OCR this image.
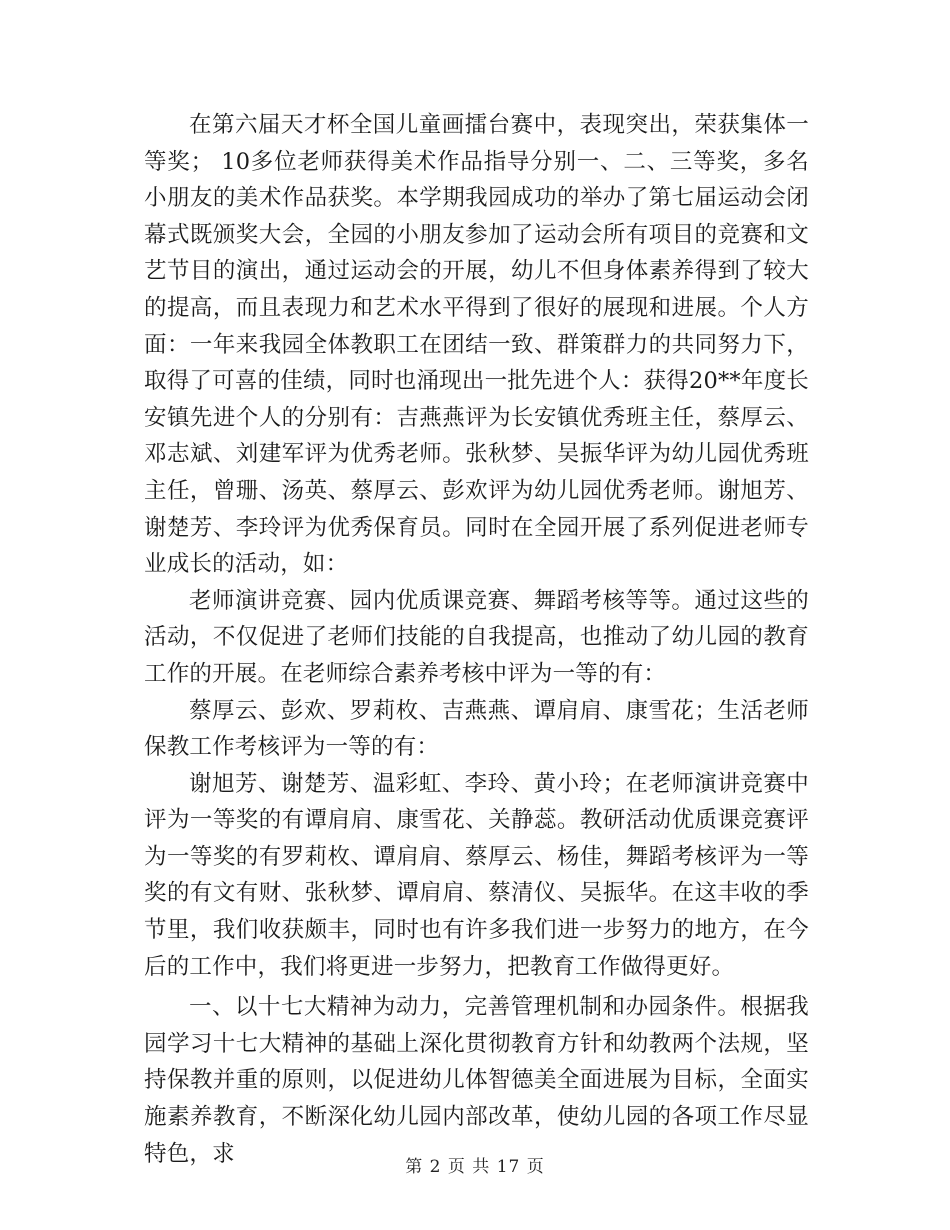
在第六届天才杯全国儿童画擂台赛中，表现突出，荣获集体一等奖； 10多位老师获得美术作品指导分别一、二、三等奖，多名小朋友的美术作品获奖。本学期我园成功的举办了第七届运动会闭幕式既颁奖大会，全园的小朋友参加了运动会所有项目的竞赛和文艺节目的演出，通过运动会的开展，幼儿不但身体素养得到了较大的提高，而且表现力和艺术水平得到了很好的展现和进展。个人方面：一年来我园全体教职工在团结一致、群策群力的共同努力下，取得了可喜的佳绩，同时也涌现出一批先进个人：获得20**年度长安镇先进个人的分别有：吉燕燕评为长安镇优秀班主任，蔡厚云、邓志斌、刘建军评为优秀老师。张秋梦、吴振华评为幼儿园优秀班主任，曾珊、汤英、蔡厚云、彭欢评为幼儿园优秀老师。谢旭芳、谢楚芳、李玲评为优秀保育员。同时在全园开展了系列促进老师专业成长的活动，如：

老师演讲竞赛、园内优质课竞赛、舞蹈考核等等。通过这些的活动，不仅促进了老师们技能的自我提高，也推动了幼儿园的教育工作的开展。在老师综合素养考核中评为一等的有：

蔡厚云、彭欢、罗莉枚、吉燕燕、谭肩肩、康雪花；生活老师保教工作考核评为一等的有：

谢旭芳、谢楚芳、温彩虹、李玲、黄小玲；在老师演讲竞赛中评为一等奖的有谭肩肩、康雪花、关静蕊。教研活动优质课竞赛评为一等奖的有罗莉枚、谭肩肩、蔡厚云、杨佳，舞蹈考核评为一等奖的有文有财、张秋梦、谭肩肩、蔡清仪、吴振华。在这丰收的季节里，我们收获颇丰，同时也有许多我们进一步努力的地方，在今后的工作中，我们将更进一步努力，把教育工作做得更好。

一、以十七大精神为动力，完善管理机制和办园条件。根据我园学习十七大精神的基础上深化贯彻教育方针和幼教两个法规，坚持保教并重的原则，以促进幼儿体智德美全面进展为目标，全面实施素养教育，不断深化幼儿园内部改革，使幼儿园的各项工作尽显特色，求

第 2 页 共 17 页
